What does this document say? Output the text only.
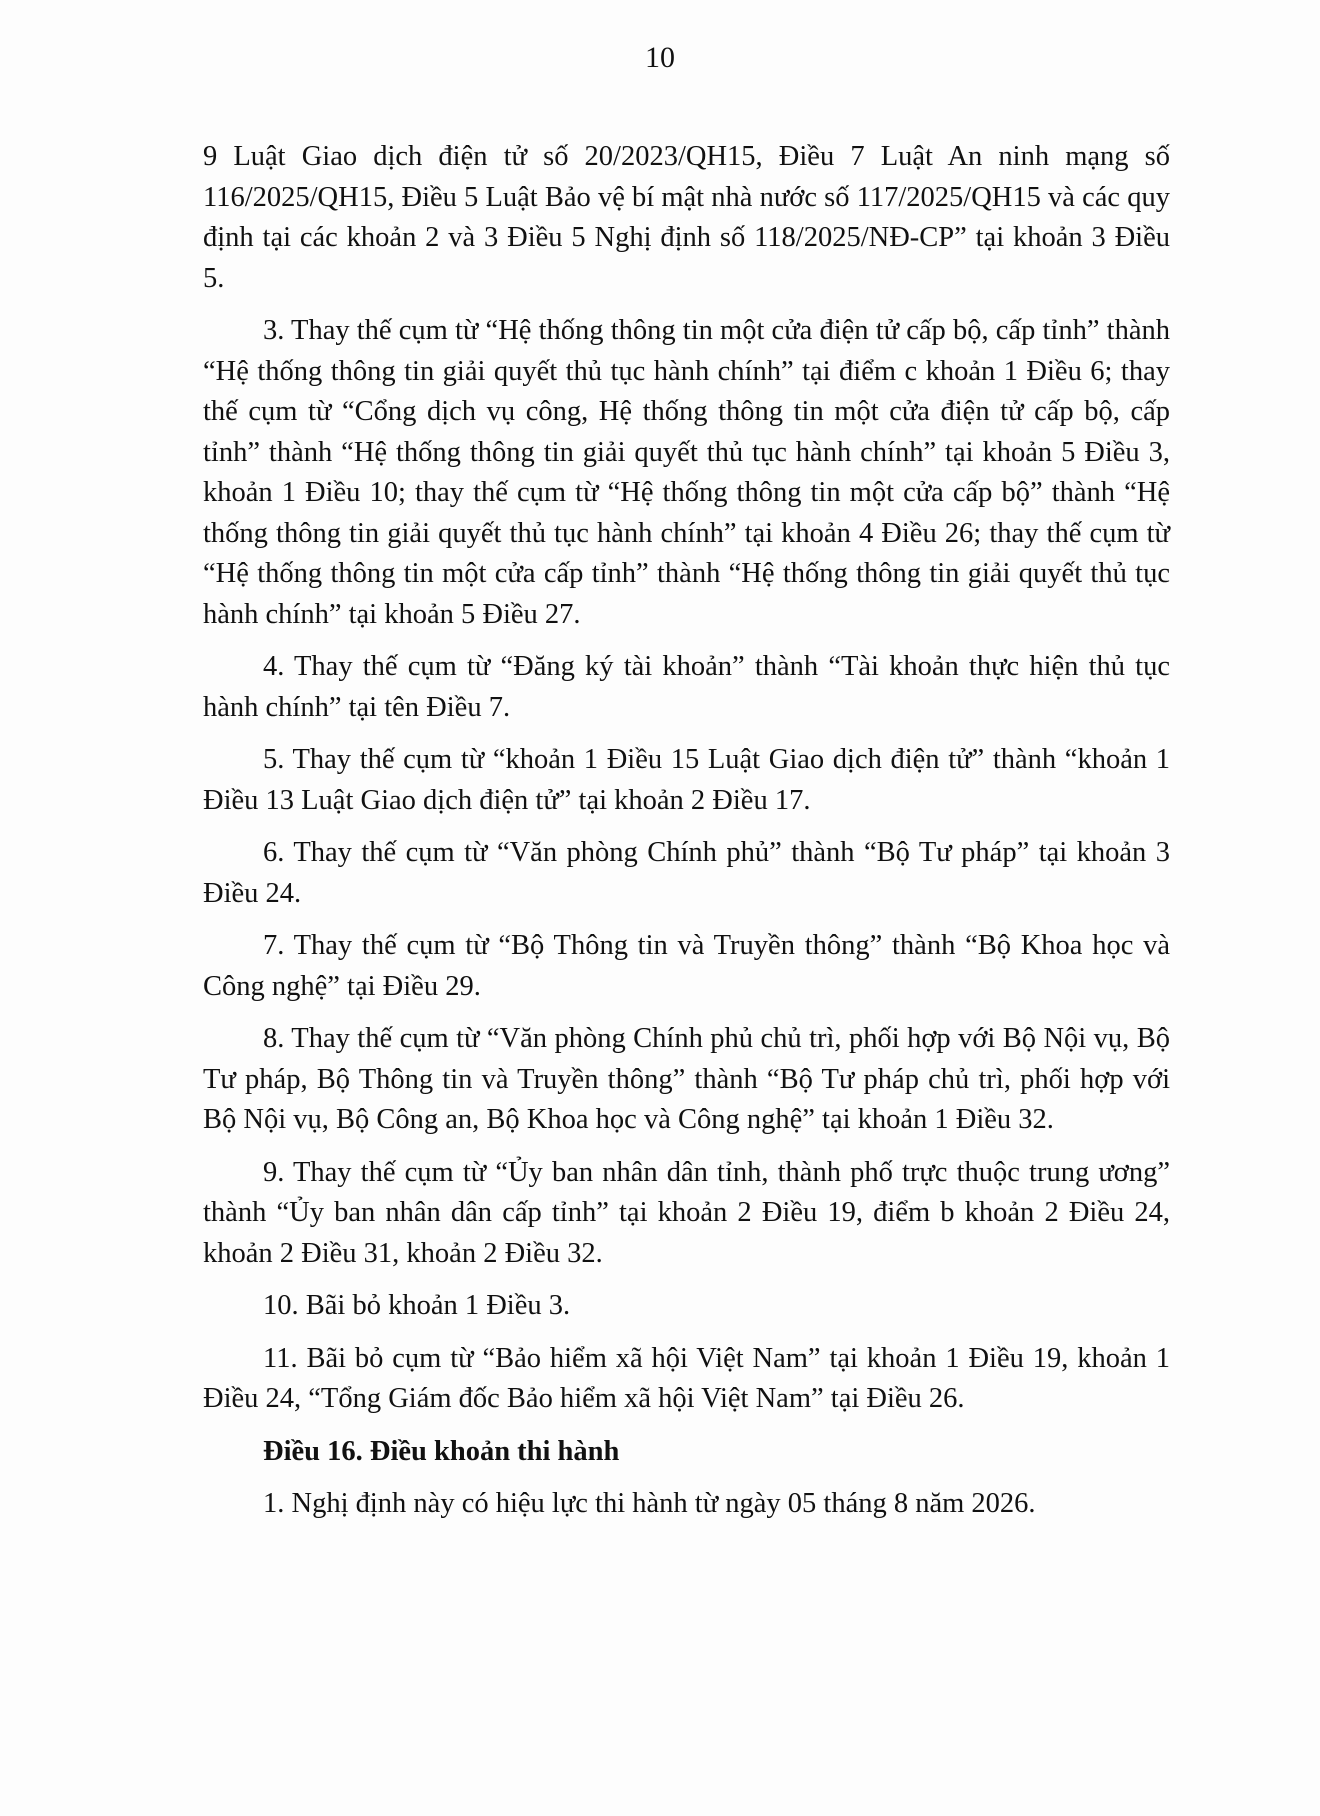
10

9 Luật Giao dịch điện tử số 20/2023/QH15, Điều 7 Luật An ninh mạng số 116/2025/QH15, Điều 5 Luật Bảo vệ bí mật nhà nước số 117/2025/QH15 và các quy định tại các khoản 2 và 3 Điều 5 Nghị định số 118/2025/NĐ-CP” tại khoản 3 Điều 5.

3. Thay thế cụm từ “Hệ thống thông tin một cửa điện tử cấp bộ, cấp tỉnh” thành “Hệ thống thông tin giải quyết thủ tục hành chính” tại điểm c khoản 1 Điều 6; thay thế cụm từ “Cổng dịch vụ công, Hệ thống thông tin một cửa điện tử cấp bộ, cấp tỉnh” thành “Hệ thống thông tin giải quyết thủ tục hành chính” tại khoản 5 Điều 3, khoản 1 Điều 10; thay thế cụm từ “Hệ thống thông tin một cửa cấp bộ” thành “Hệ thống thông tin giải quyết thủ tục hành chính” tại khoản 4 Điều 26; thay thế cụm từ “Hệ thống thông tin một cửa cấp tỉnh” thành “Hệ thống thông tin giải quyết thủ tục hành chính” tại khoản 5 Điều 27.

4. Thay thế cụm từ “Đăng ký tài khoản” thành “Tài khoản thực hiện thủ tục hành chính” tại tên Điều 7.

5. Thay thế cụm từ “khoản 1 Điều 15 Luật Giao dịch điện tử” thành “khoản 1 Điều 13 Luật Giao dịch điện tử” tại khoản 2 Điều 17.

6. Thay thế cụm từ “Văn phòng Chính phủ” thành “Bộ Tư pháp” tại khoản 3 Điều 24.

7. Thay thế cụm từ “Bộ Thông tin và Truyền thông” thành “Bộ Khoa học và Công nghệ” tại Điều 29.

8. Thay thế cụm từ “Văn phòng Chính phủ chủ trì, phối hợp với Bộ Nội vụ, Bộ Tư pháp, Bộ Thông tin và Truyền thông” thành “Bộ Tư pháp chủ trì, phối hợp với Bộ Nội vụ, Bộ Công an, Bộ Khoa học và Công nghệ” tại khoản 1 Điều 32.

9. Thay thế cụm từ “Ủy ban nhân dân tỉnh, thành phố trực thuộc trung ương” thành “Ủy ban nhân dân cấp tỉnh” tại khoản 2 Điều 19, điểm b khoản 2 Điều 24, khoản 2 Điều 31, khoản 2 Điều 32.

10. Bãi bỏ khoản 1 Điều 3.

11. Bãi bỏ cụm từ “Bảo hiểm xã hội Việt Nam” tại khoản 1 Điều 19, khoản 1 Điều 24, “Tổng Giám đốc Bảo hiểm xã hội Việt Nam” tại Điều 26.

Điều 16. Điều khoản thi hành

1. Nghị định này có hiệu lực thi hành từ ngày 05 tháng 8 năm 2026.
